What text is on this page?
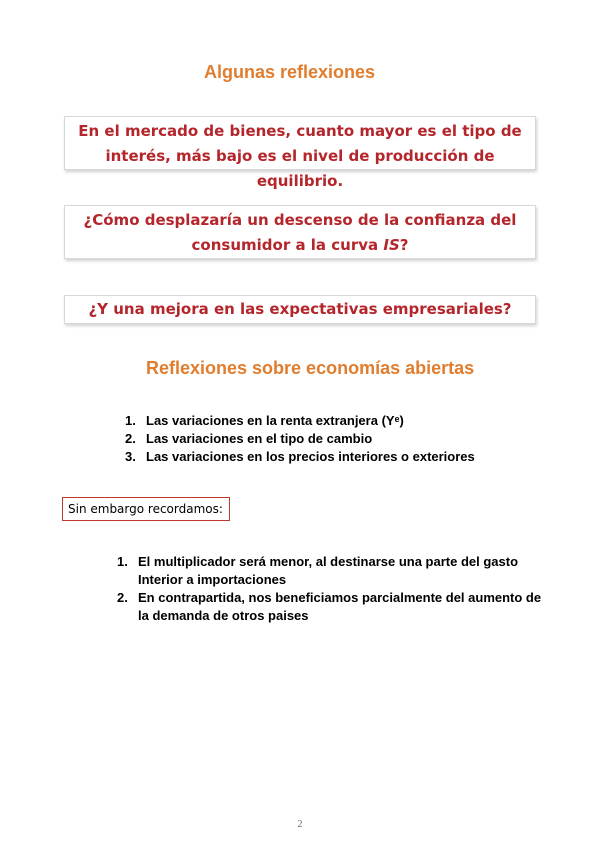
Algunas reflexiones
En el mercado de bienes, cuanto mayor es el tipo de
interés, más bajo es el nivel de producción de equilibrio.
¿Cómo desplazaría un descenso de la confianza del
consumidor a la curva IS?
¿Y una mejora en las expectativas empresariales?
Reflexiones sobre economías abiertas
1. Las variaciones en la renta extranjera (Yᵉ)
2. Las variaciones en el tipo de cambio
3. Las variaciones en los precios interiores o exteriores
Sin embargo recordamos:
1. El multiplicador será menor, al destinarse una parte del gasto Interior a importaciones
2. En contrapartida, nos beneficiamos parcialmente del aumento de la demanda de otros paises
2
